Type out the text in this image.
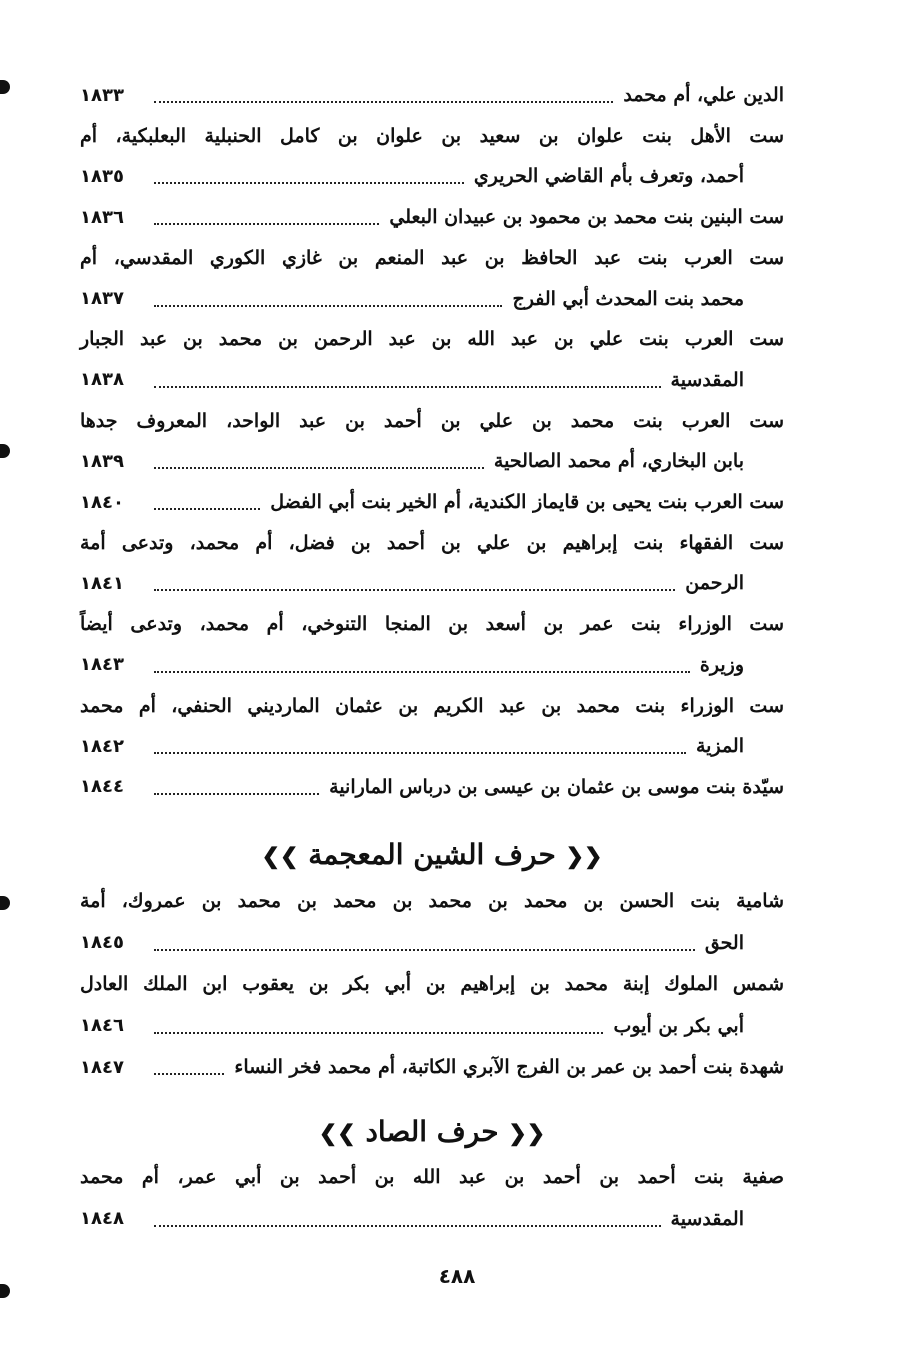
الدين علي، أم محمد
١٨٣٣
ست الأهل بنت علوان بن سعيد بن علوان بن كامل الحنبلية البعلبكية، أم
أحمد، وتعرف بأم القاضي الحريري
١٨٣٥
ست البنين بنت محمد بن محمود بن عبيدان البعلي
١٨٣٦
ست العرب بنت عبد الحافظ بن عبد المنعم بن غازي الكوري المقدسي، أم
محمد بنت المحدث أبي الفرج
١٨٣٧
ست العرب بنت علي بن عبد الله بن عبد الرحمن بن محمد بن عبد الجبار
المقدسية
١٨٣٨
ست العرب بنت محمد بن علي بن أحمد بن عبد الواحد، المعروف جدها
بابن البخاري، أم محمد الصالحية
١٨٣٩
ست العرب بنت يحيى بن قايماز الكندية، أم الخير بنت أبي الفضل
١٨٤٠
ست الفقهاء بنت إبراهيم بن علي بن أحمد بن فضل، أم محمد، وتدعى أمة
الرحمن
١٨٤١
ست الوزراء بنت عمر بن أسعد بن المنجا التنوخي، أم محمد، وتدعى أيضاً
وزيرة
١٨٤٣
ست الوزراء بنت محمد بن عبد الكريم بن عثمان المارديني الحنفي، أم محمد
المزية
١٨٤٢
سيّدة بنت موسى بن عثمان بن عيسى بن درباس المارانية
١٨٤٤
❮❮ حرف الشين المعجمة ❯❯
شامية بنت الحسن بن محمد بن محمد بن محمد بن محمد بن عمروك، أمة
الحق
١٨٤٥
شمس الملوك إبنة محمد بن إبراهيم بن أبي بكر بن يعقوب ابن الملك العادل
أبي بكر بن أيوب
١٨٤٦
شهدة بنت أحمد بن عمر بن الفرج الآبري الكاتبة، أم محمد فخر النساء
١٨٤٧
❮❮ حرف الصاد ❯❯
صفية بنت أحمد بن أحمد بن عبد الله بن أحمد بن أبي عمر، أم محمد
المقدسية
١٨٤٨
٤٨٨
